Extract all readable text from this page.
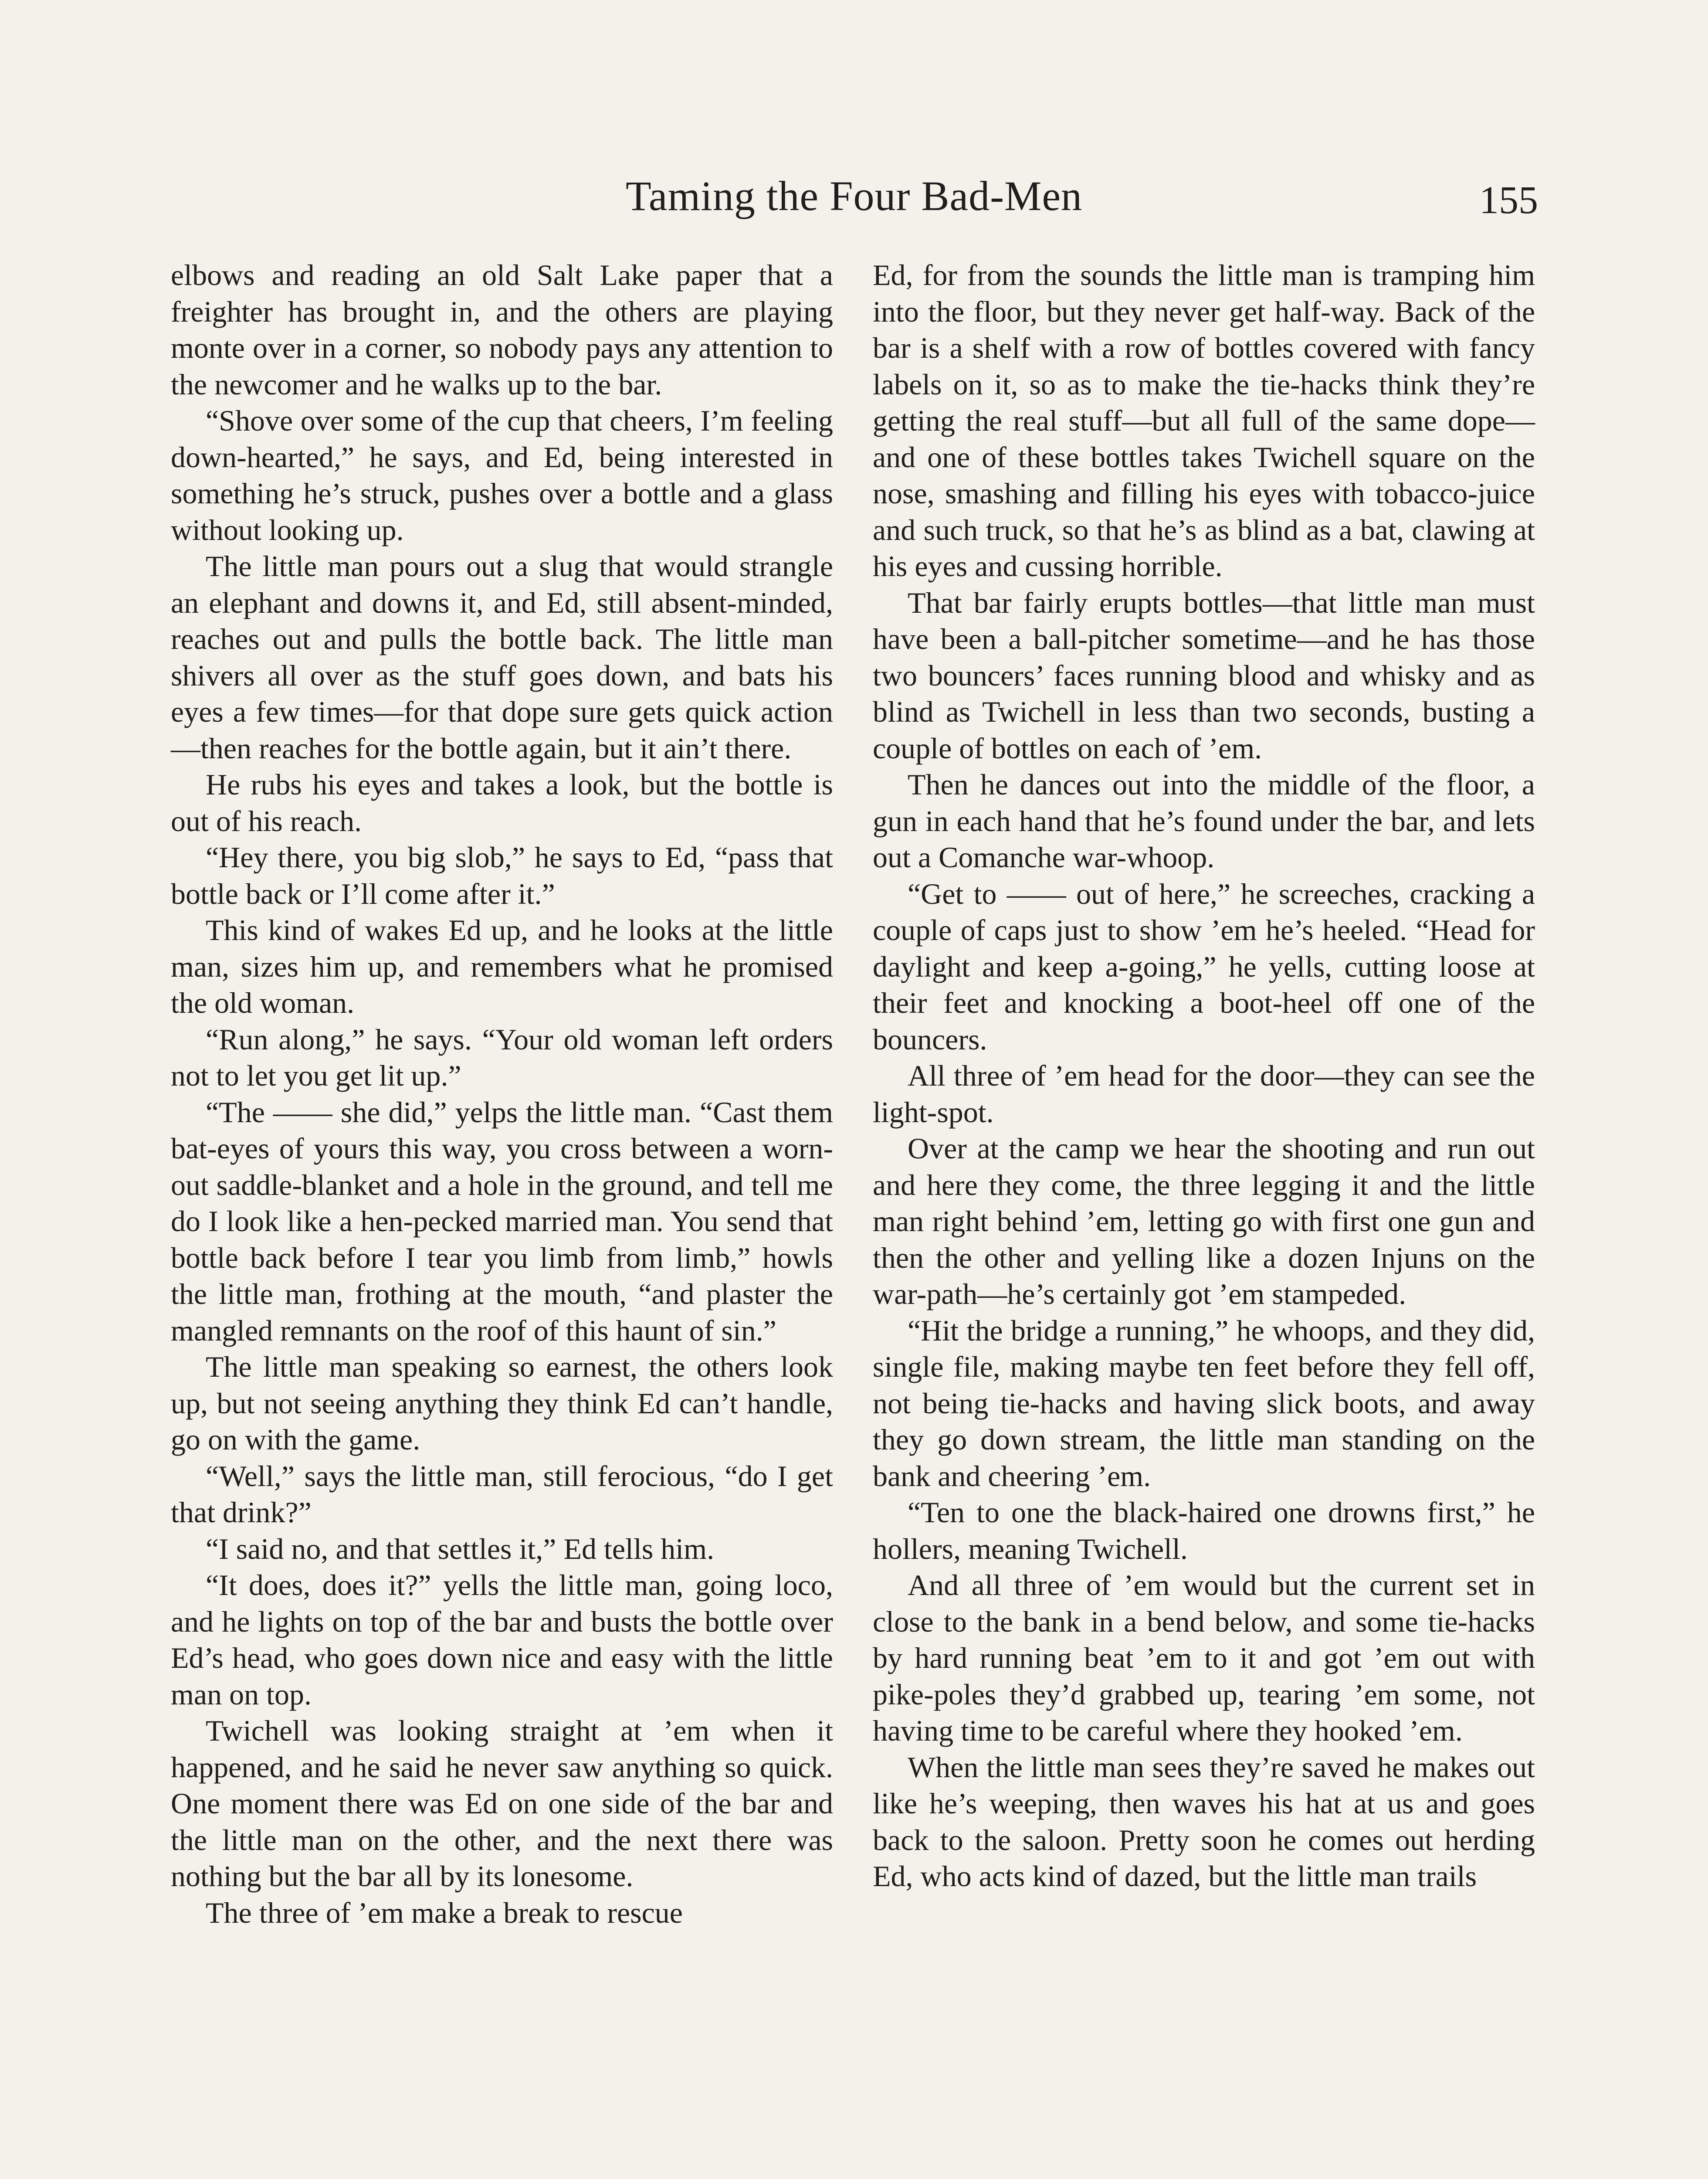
Taming the Four Bad-Men	155

elbows and reading an old Salt Lake paper that a freighter has brought in, and the others are playing monte over in a corner, so nobody pays any attention to the newcomer and he walks up to the bar.

“Shove over some of the cup that cheers, I’m feeling down-hearted,” he says, and Ed, being interested in something he’s struck, pushes over a bottle and a glass without looking up.

The little man pours out a slug that would strangle an elephant and downs it, and Ed, still absent-minded, reaches out and pulls the bottle back. The little man shivers all over as the stuff goes down, and bats his eyes a few times—for that dope sure gets quick action—then reaches for the bottle again, but it ain’t there.

He rubs his eyes and takes a look, but the bottle is out of his reach.

“Hey there, you big slob,” he says to Ed, “pass that bottle back or I’ll come after it.”

This kind of wakes Ed up, and he looks at the little man, sizes him up, and remembers what he promised the old woman.

“Run along,” he says. “Your old woman left orders not to let you get lit up.”

“The —— she did,” yelps the little man. “Cast them bat-eyes of yours this way, you cross between a worn-out saddle-blanket and a hole in the ground, and tell me do I look like a hen-pecked married man. You send that bottle back before I tear you limb from limb,” howls the little man, frothing at the mouth, “and plaster the mangled remnants on the roof of this haunt of sin.”

The little man speaking so earnest, the others look up, but not seeing anything they think Ed can’t handle, go on with the game.

“Well,” says the little man, still ferocious, “do I get that drink?”

“I said no, and that settles it,” Ed tells him.

“It does, does it?” yells the little man, going loco, and he lights on top of the bar and busts the bottle over Ed’s head, who goes down nice and easy with the little man on top.

Twichell was looking straight at ’em when it happened, and he said he never saw anything so quick. One moment there was Ed on one side of the bar and the little man on the other, and the next there was nothing but the bar all by its lonesome.

The three of ’em make a break to rescue

Ed, for from the sounds the little man is tramping him into the floor, but they never get half-way. Back of the bar is a shelf with a row of bottles covered with fancy labels on it, so as to make the tie-hacks think they’re getting the real stuff—but all full of the same dope—and one of these bottles takes Twichell square on the nose, smashing and filling his eyes with tobacco-juice and such truck, so that he’s as blind as a bat, clawing at his eyes and cussing horrible.

That bar fairly erupts bottles—that little man must have been a ball-pitcher sometime—and he has those two bouncers’ faces running blood and whisky and as blind as Twichell in less than two seconds, busting a couple of bottles on each of ’em.

Then he dances out into the middle of the floor, a gun in each hand that he’s found under the bar, and lets out a Comanche war-whoop.

“Get to —— out of here,” he screeches, cracking a couple of caps just to show ’em he’s heeled. “Head for daylight and keep a-going,” he yells, cutting loose at their feet and knocking a boot-heel off one of the bouncers.

All three of ’em head for the door—they can see the light-spot.

Over at the camp we hear the shooting and run out and here they come, the three legging it and the little man right behind ’em, letting go with first one gun and then the other and yelling like a dozen Injuns on the war-path—he’s certainly got ’em stampeded.

“Hit the bridge a running,” he whoops, and they did, single file, making maybe ten feet before they fell off, not being tie-hacks and having slick boots, and away they go down stream, the little man standing on the bank and cheering ’em.

“Ten to one the black-haired one drowns first,” he hollers, meaning Twichell.

And all three of ’em would but the current set in close to the bank in a bend below, and some tie-hacks by hard running beat ’em to it and got ’em out with pike-poles they’d grabbed up, tearing ’em some, not having time to be careful where they hooked ’em.

When the little man sees they’re saved he makes out like he’s weeping, then waves his hat at us and goes back to the saloon. Pretty soon he comes out herding Ed, who acts kind of dazed, but the little man trails
